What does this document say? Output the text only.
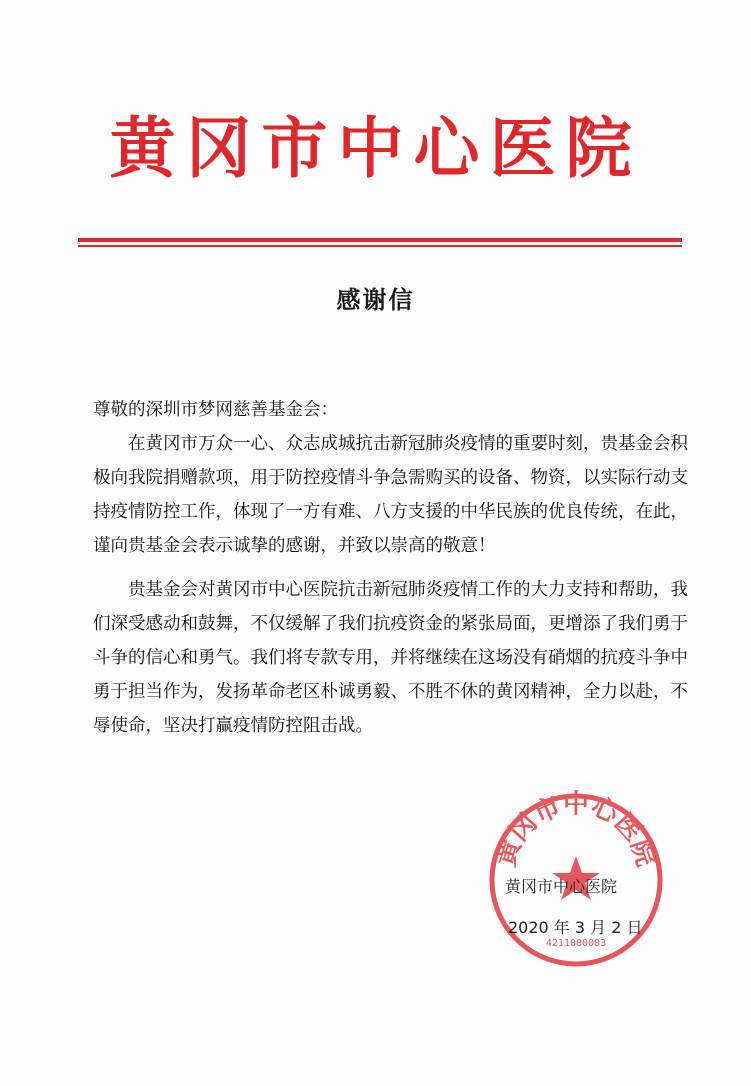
黄冈市中心医院
感谢信

尊敬的深圳市梦网慈善基金会：

在黄冈市万众一心、众志成城抗击新冠肺炎疫情的重要时刻，贵基金会积极向我院捐赠款项，用于防控疫情斗争急需购买的设备、物资，以实际行动支持疫情防控工作，体现了一方有难、八方支援的中华民族的优良传统，在此，谨向贵基金会表示诚挚的感谢，并致以崇高的敬意！

贵基金会对黄冈市中心医院抗击新冠肺炎疫情工作的大力支持和帮助，我们深受感动和鼓舞，不仅缓解了我们抗疫资金的紧张局面，更增添了我们勇于斗争的信心和勇气。我们将专款专用，并将继续在这场没有硝烟的抗疫斗争中勇于担当作为，发扬革命老区朴诚勇毅、不胜不休的黄冈精神，全力以赴，不辱使命，坚决打赢疫情防控阻击战。

黄冈市中心医院
4211000003
黄冈市中心医院
2020 年 3 月 2 日
